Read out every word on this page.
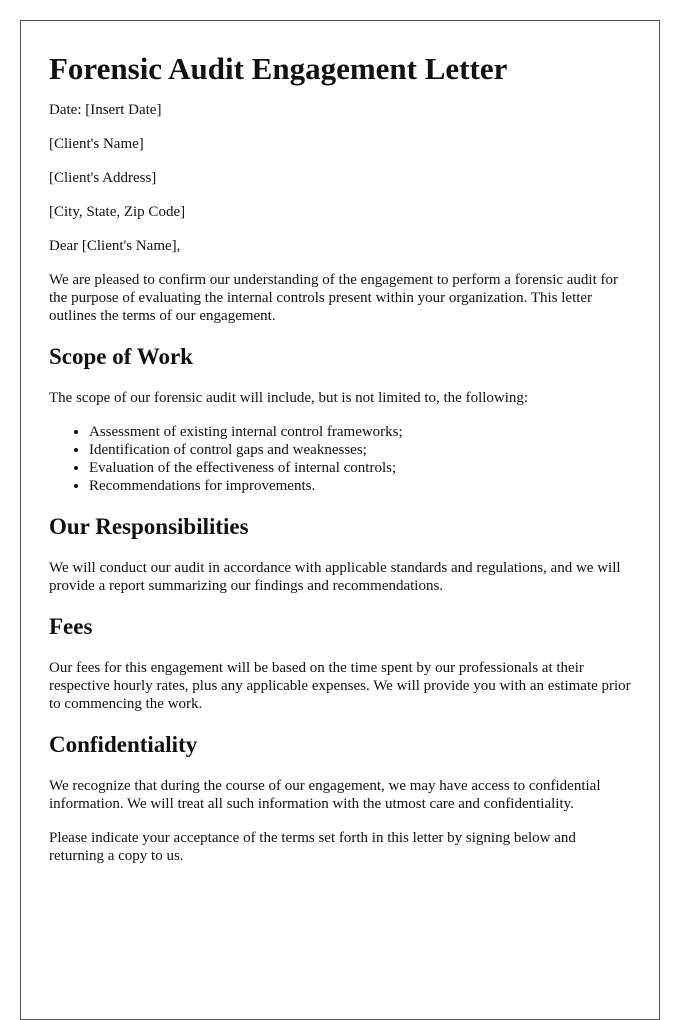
Forensic Audit Engagement Letter

Date: [Insert Date]

[Client's Name]

[Client's Address]

[City, State, Zip Code]

Dear [Client's Name],

We are pleased to confirm our understanding of the engagement to perform a forensic audit for the purpose of evaluating the internal controls present within your organization. This letter outlines the terms of our engagement.

Scope of Work

The scope of our forensic audit will include, but is not limited to, the following:

• Assessment of existing internal control frameworks;
• Identification of control gaps and weaknesses;
• Evaluation of the effectiveness of internal controls;
• Recommendations for improvements.
Our Responsibilities

We will conduct our audit in accordance with applicable standards and regulations, and we will provide a report summarizing our findings and recommendations.

Fees

Our fees for this engagement will be based on the time spent by our professionals at their respective hourly rates, plus any applicable expenses. We will provide you with an estimate prior to commencing the work.

Confidentiality

We recognize that during the course of our engagement, we may have access to confidential information. We will treat all such information with the utmost care and confidentiality.

Please indicate your acceptance of the terms set forth in this letter by signing below and returning a copy to us.
